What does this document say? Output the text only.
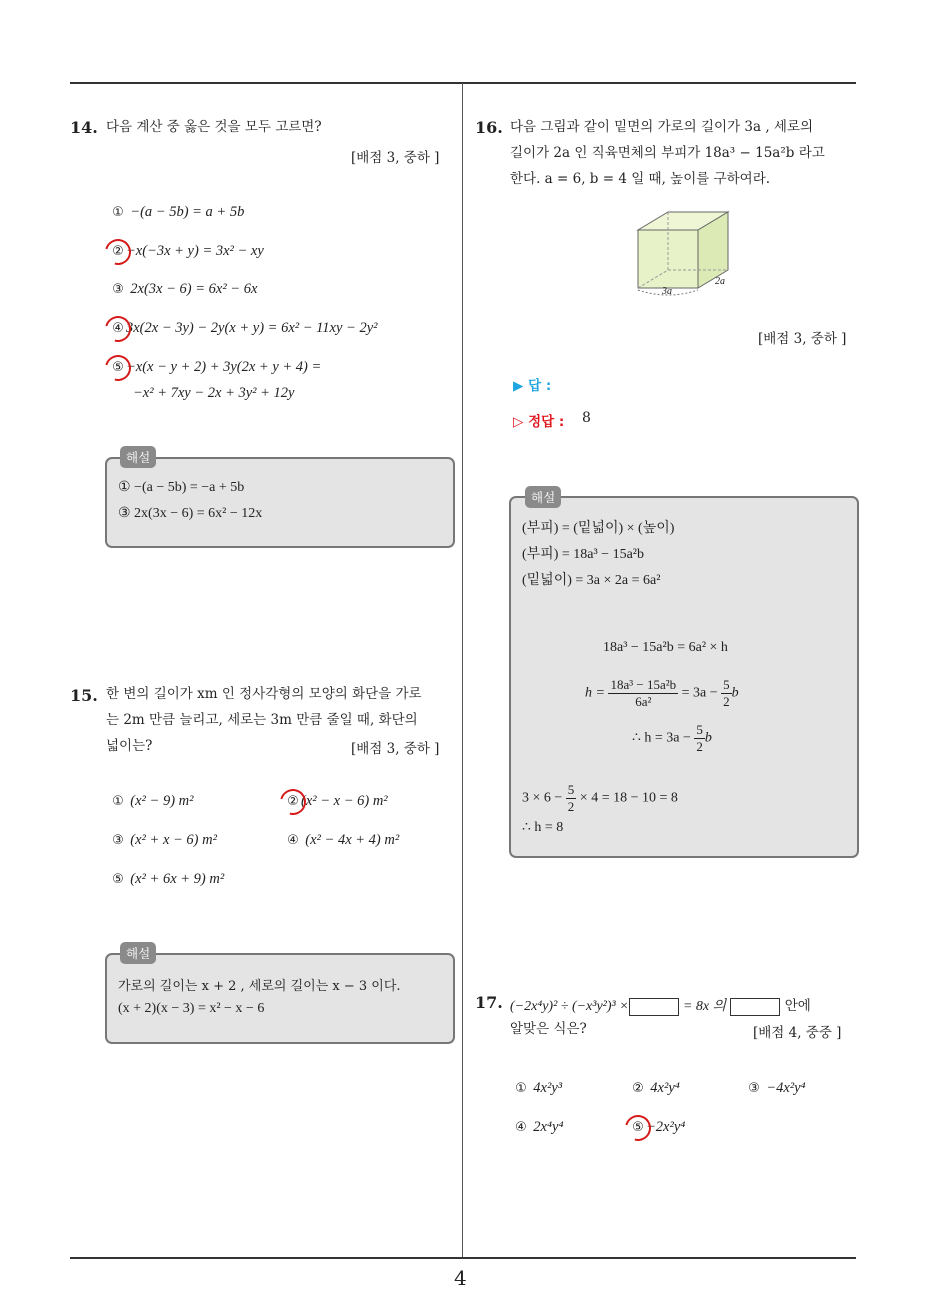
4
14. 다음 계산 중 옳은 것을 모두 고르면?
[배점 3, 중하 ]
① −(a − 5b) = a + 5b
② −x(−3x + y) = 3x² − xy
③ 2x(3x − 6) = 6x² − 6x
④ 3x(2x − 3y) − 2y(x + y) = 6x² − 11xy − 2y²
⑤ −x(x − y + 2) + 3y(2x + y + 4) =
−x² + 7xy − 2x + 3y² + 12y
해설
① −(a − 5b) = −a + 5b
③ 2x(3x − 6) = 6x² − 12x
15. 한 변의 길이가 xm 인 정사각형의 모양의 화단을 가로
는 2m 만큼 늘리고, 세로는 3m 만큼 줄일 때, 화단의
넓이는?	[배점 3, 중하 ]
① (x² − 9) m²	② (x² − x − 6) m²
③ (x² + x − 6) m²	④ (x² − 4x + 4) m²
⑤ (x² + 6x + 9) m²
해설
가로의 길이는 x + 2 , 세로의 길이는 x − 3 이다.
(x + 2)(x − 3) = x² − x − 6
16. 다음 그림과 같이 밑면의 가로의 길이가 3a , 세로의
길이가 2a 인 직육면체의 부피가 18a³ − 15a²b 라고
한다. a = 6, b = 4 일 때, 높이를 구하여라.
3a
2a
[배점 3, 중하 ]
▶ 답 :
▷ 정답 : 8
해설
(부피) = (밑넓이) × (높이)
(부피) = 18a³ − 15a²b
(밑넓이) = 3a × 2a = 6a²
18a³ − 15a²b = 6a² × h
$h = \frac{\text{18a³ − 15a²b}}{\text{6a²}} = 3a - \frac{5}{2}$ b
∴ $h = 3a - \frac{5}{2}$ b
$3 \times 6 - \frac{5}{2} \times 4 = 18 - 10 = 8$
∴ h = 8
17. (−2x⁴y)² ÷ (−x³y²)³ ×	= 8x 의	안에
알맞은 식은?	[배점 4, 중중 ]
① 4x²y³	② 4x²y⁴	③ −4x²y⁴
④ 2x⁴y⁴	⑤ −2x²y⁴
